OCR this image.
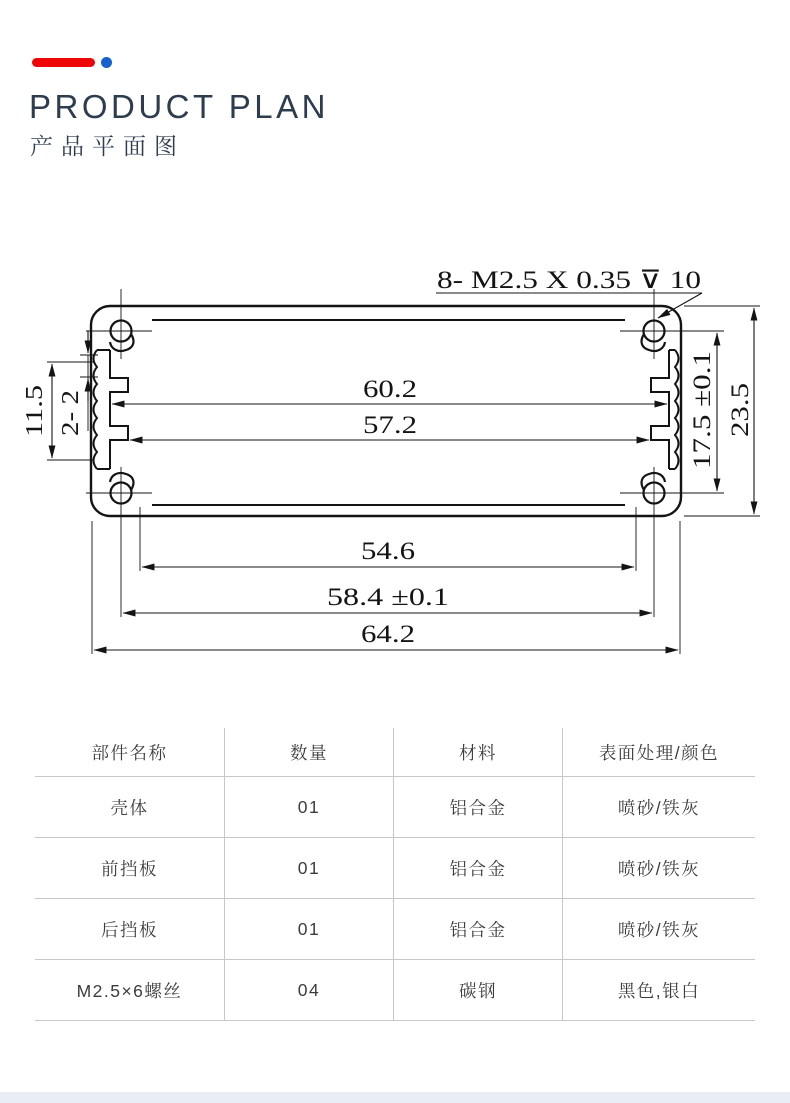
PRODUCT PLAN
产品平面图
8- M2.5 X 0.35 ⊽ 10
60.2
57.2
54.6
58.4 ±0.1
64.2
11.5 2- 2	17.5 ±0.1 23.5
部件名称	数量	材料	表面处理/颜色
壳体	01	铝合金	喷砂/铁灰
前挡板	01	铝合金	喷砂/铁灰
后挡板	01	铝合金	喷砂/铁灰
M2.5×6螺丝	04	碳钢	黑色,银白
